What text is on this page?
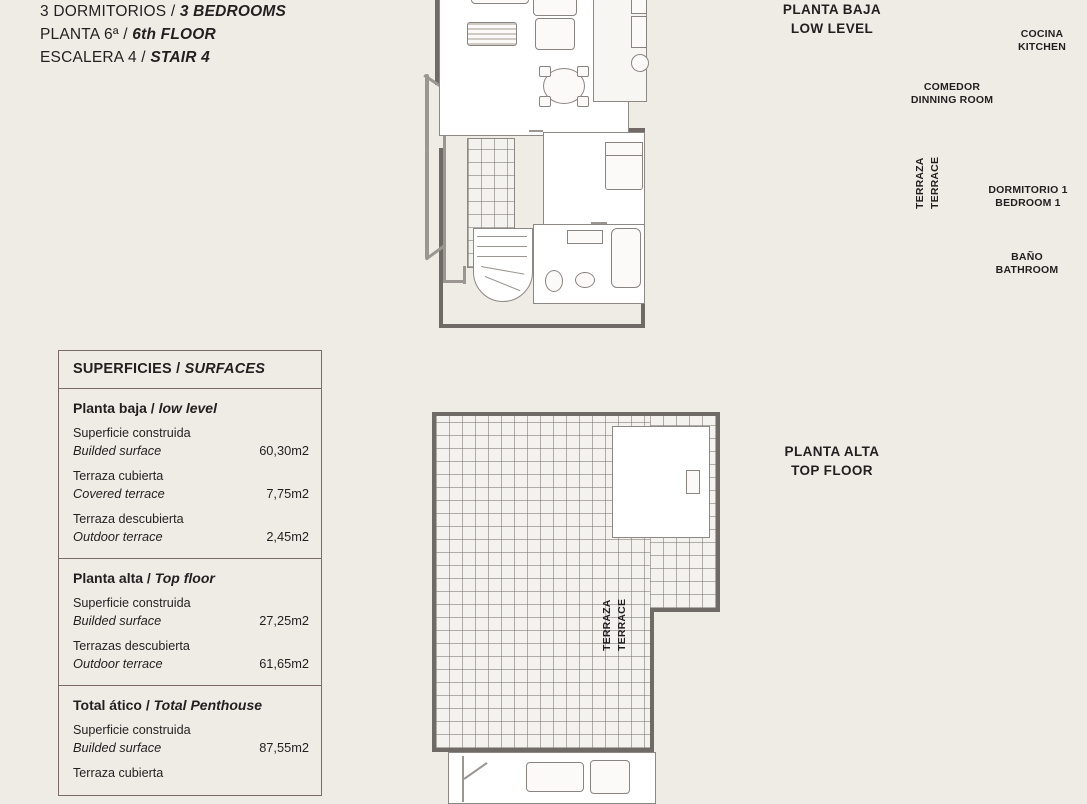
3 DORMITORIOS / 3 BEDROOMS
PLANTA 6ª / 6th FLOOR
ESCALERA 4 / STAIR 4
PLANTA BAJA
LOW LEVEL
PLANTA ALTA
TOP FLOOR
SUPERFICIES / SURFACES
Planta baja / low level
Superficie construida
Builded surface	60,30m2
Terraza cubierta
Covered terrace	7,75m2
Terraza descubierta
Outdoor terrace	2,45m2
Planta alta / Top floor
Superficie construida
Builded surface	27,25m2
Terrazas descubierta
Outdoor terrace	61,65m2
Total ático / Total Penthouse
Superficie construida
Builded surface	87,55m2
Terraza cubierta
COCINA
KITCHEN
COMEDOR
DINNING ROOM
TERRAZA TERRACE	DORMITORIO 1
BEDROOM 1
BAÑO
BATHROOM
TERRAZA TERRACE
